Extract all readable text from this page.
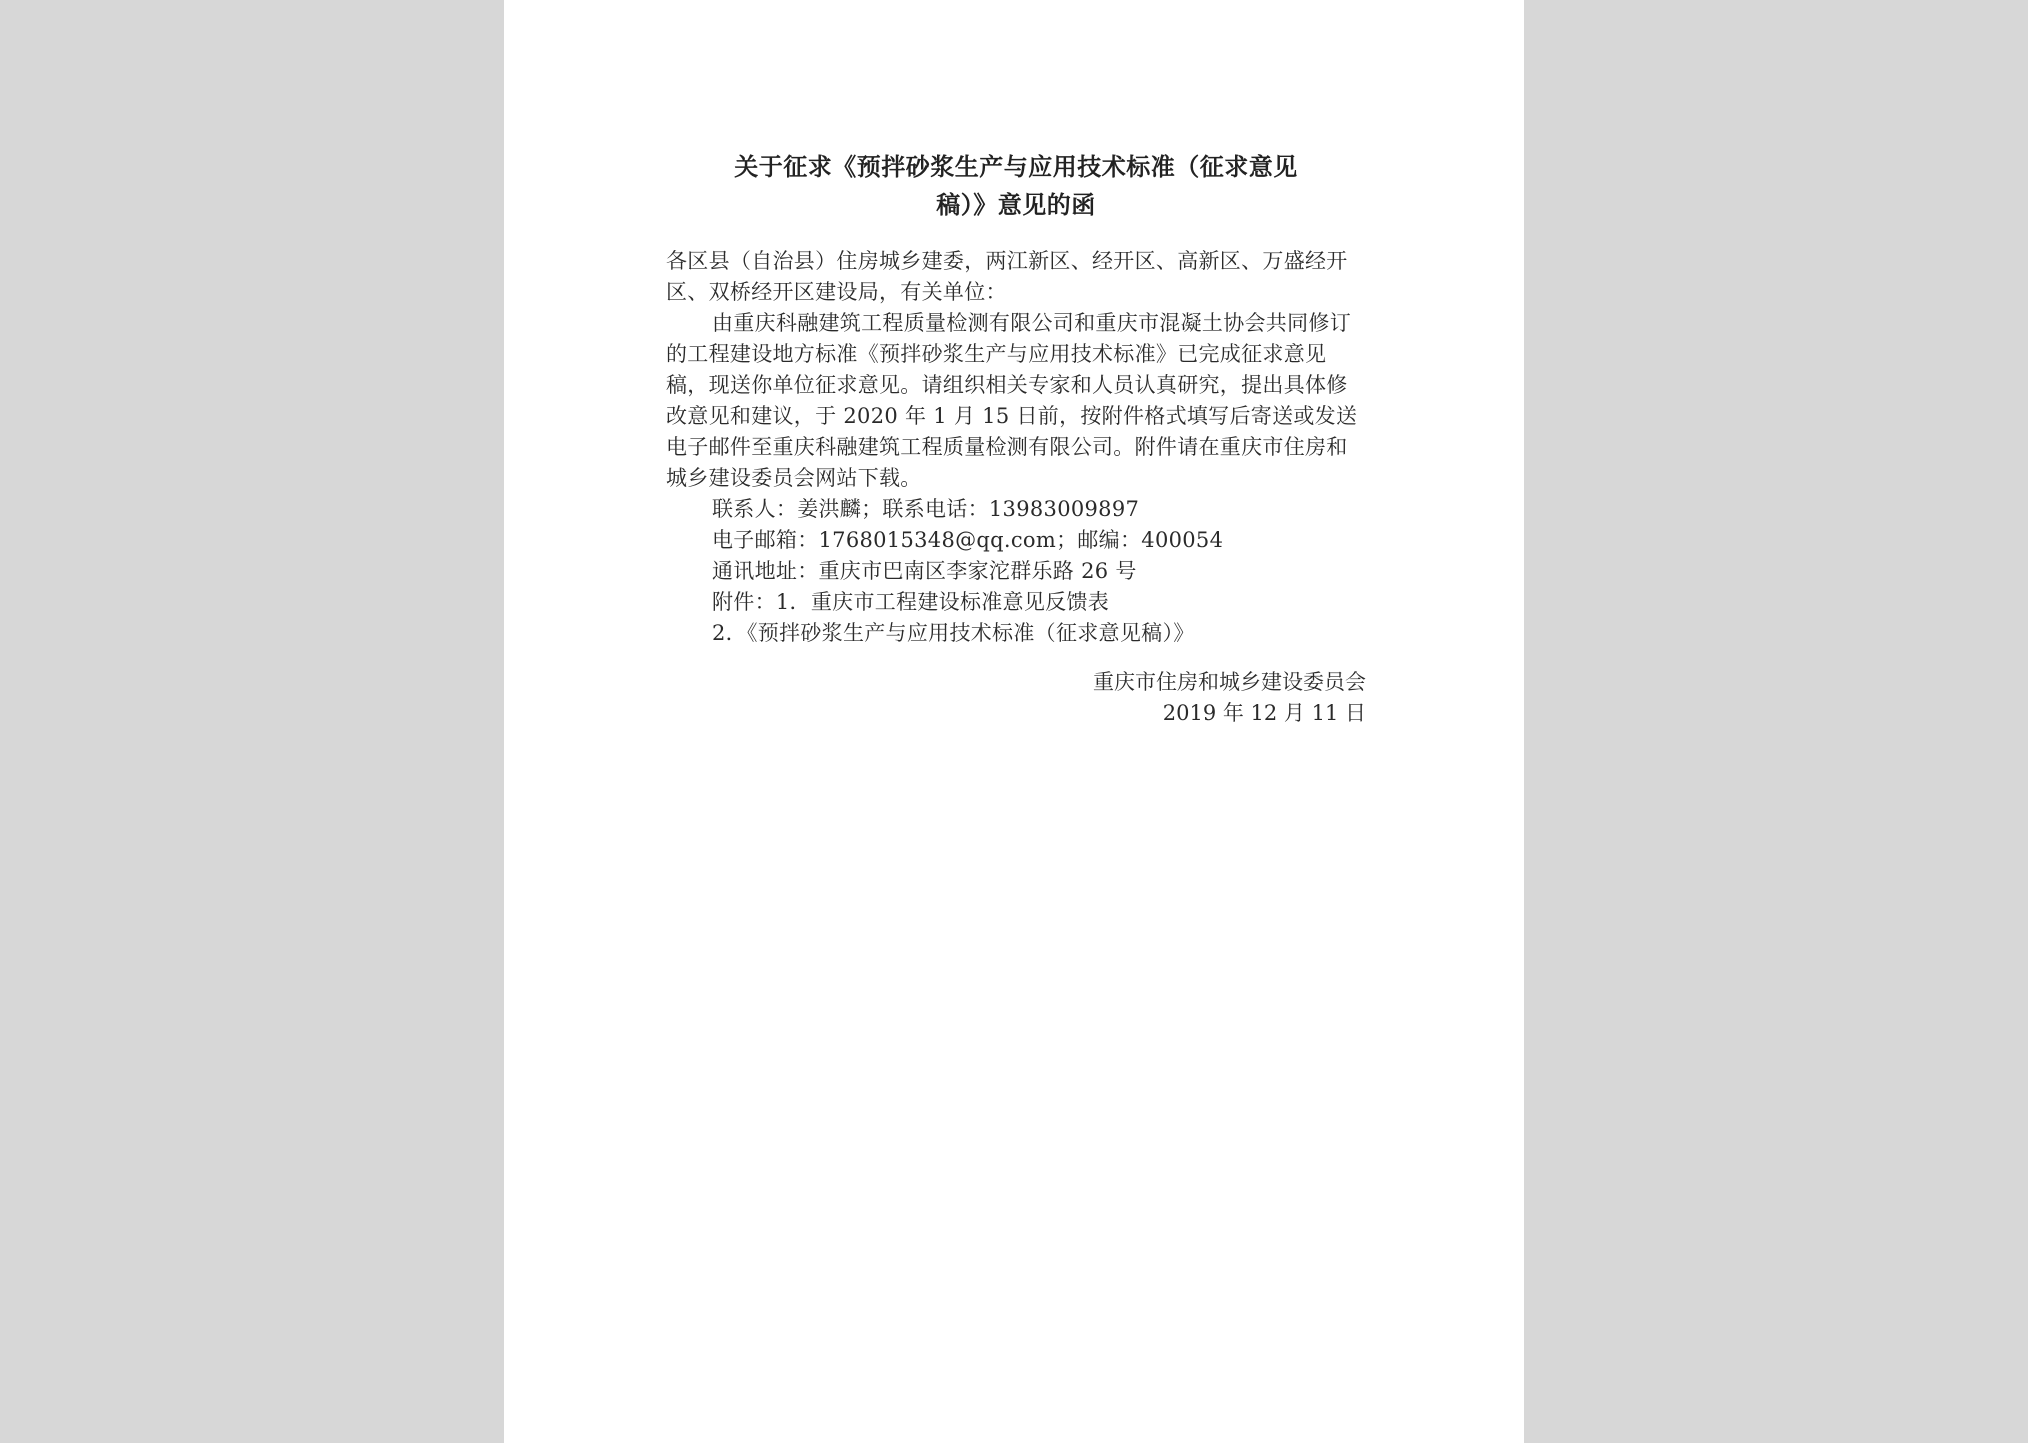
关于征求《预拌砂浆生产与应用技术标准（征求意见
稿）》意见的函

各区县（自治县）住房城乡建委，两江新区、经开区、高新区、万盛经开区、双桥经开区建设局，有关单位：

由重庆科融建筑工程质量检测有限公司和重庆市混凝土协会共同修订的工程建设地方标准《预拌砂浆生产与应用技术标准》已完成征求意见稿，现送你单位征求意见。请组织相关专家和人员认真研究，提出具体修改意见和建议，于 2020 年 1 月 15 日前，按附件格式填写后寄送或发送电子邮件至重庆科融建筑工程质量检测有限公司。附件请在重庆市住房和城乡建设委员会网站下载。

联系人：姜洪麟；联系电话：13983009897

电子邮箱：1768015348@qq.com；邮编：400054

通讯地址：重庆市巴南区李家沱群乐路 26 号

附件：1．重庆市工程建设标准意见反馈表

2．《预拌砂浆生产与应用技术标准（征求意见稿）》

重庆市住房和城乡建设委员会
2019 年 12 月 11 日
